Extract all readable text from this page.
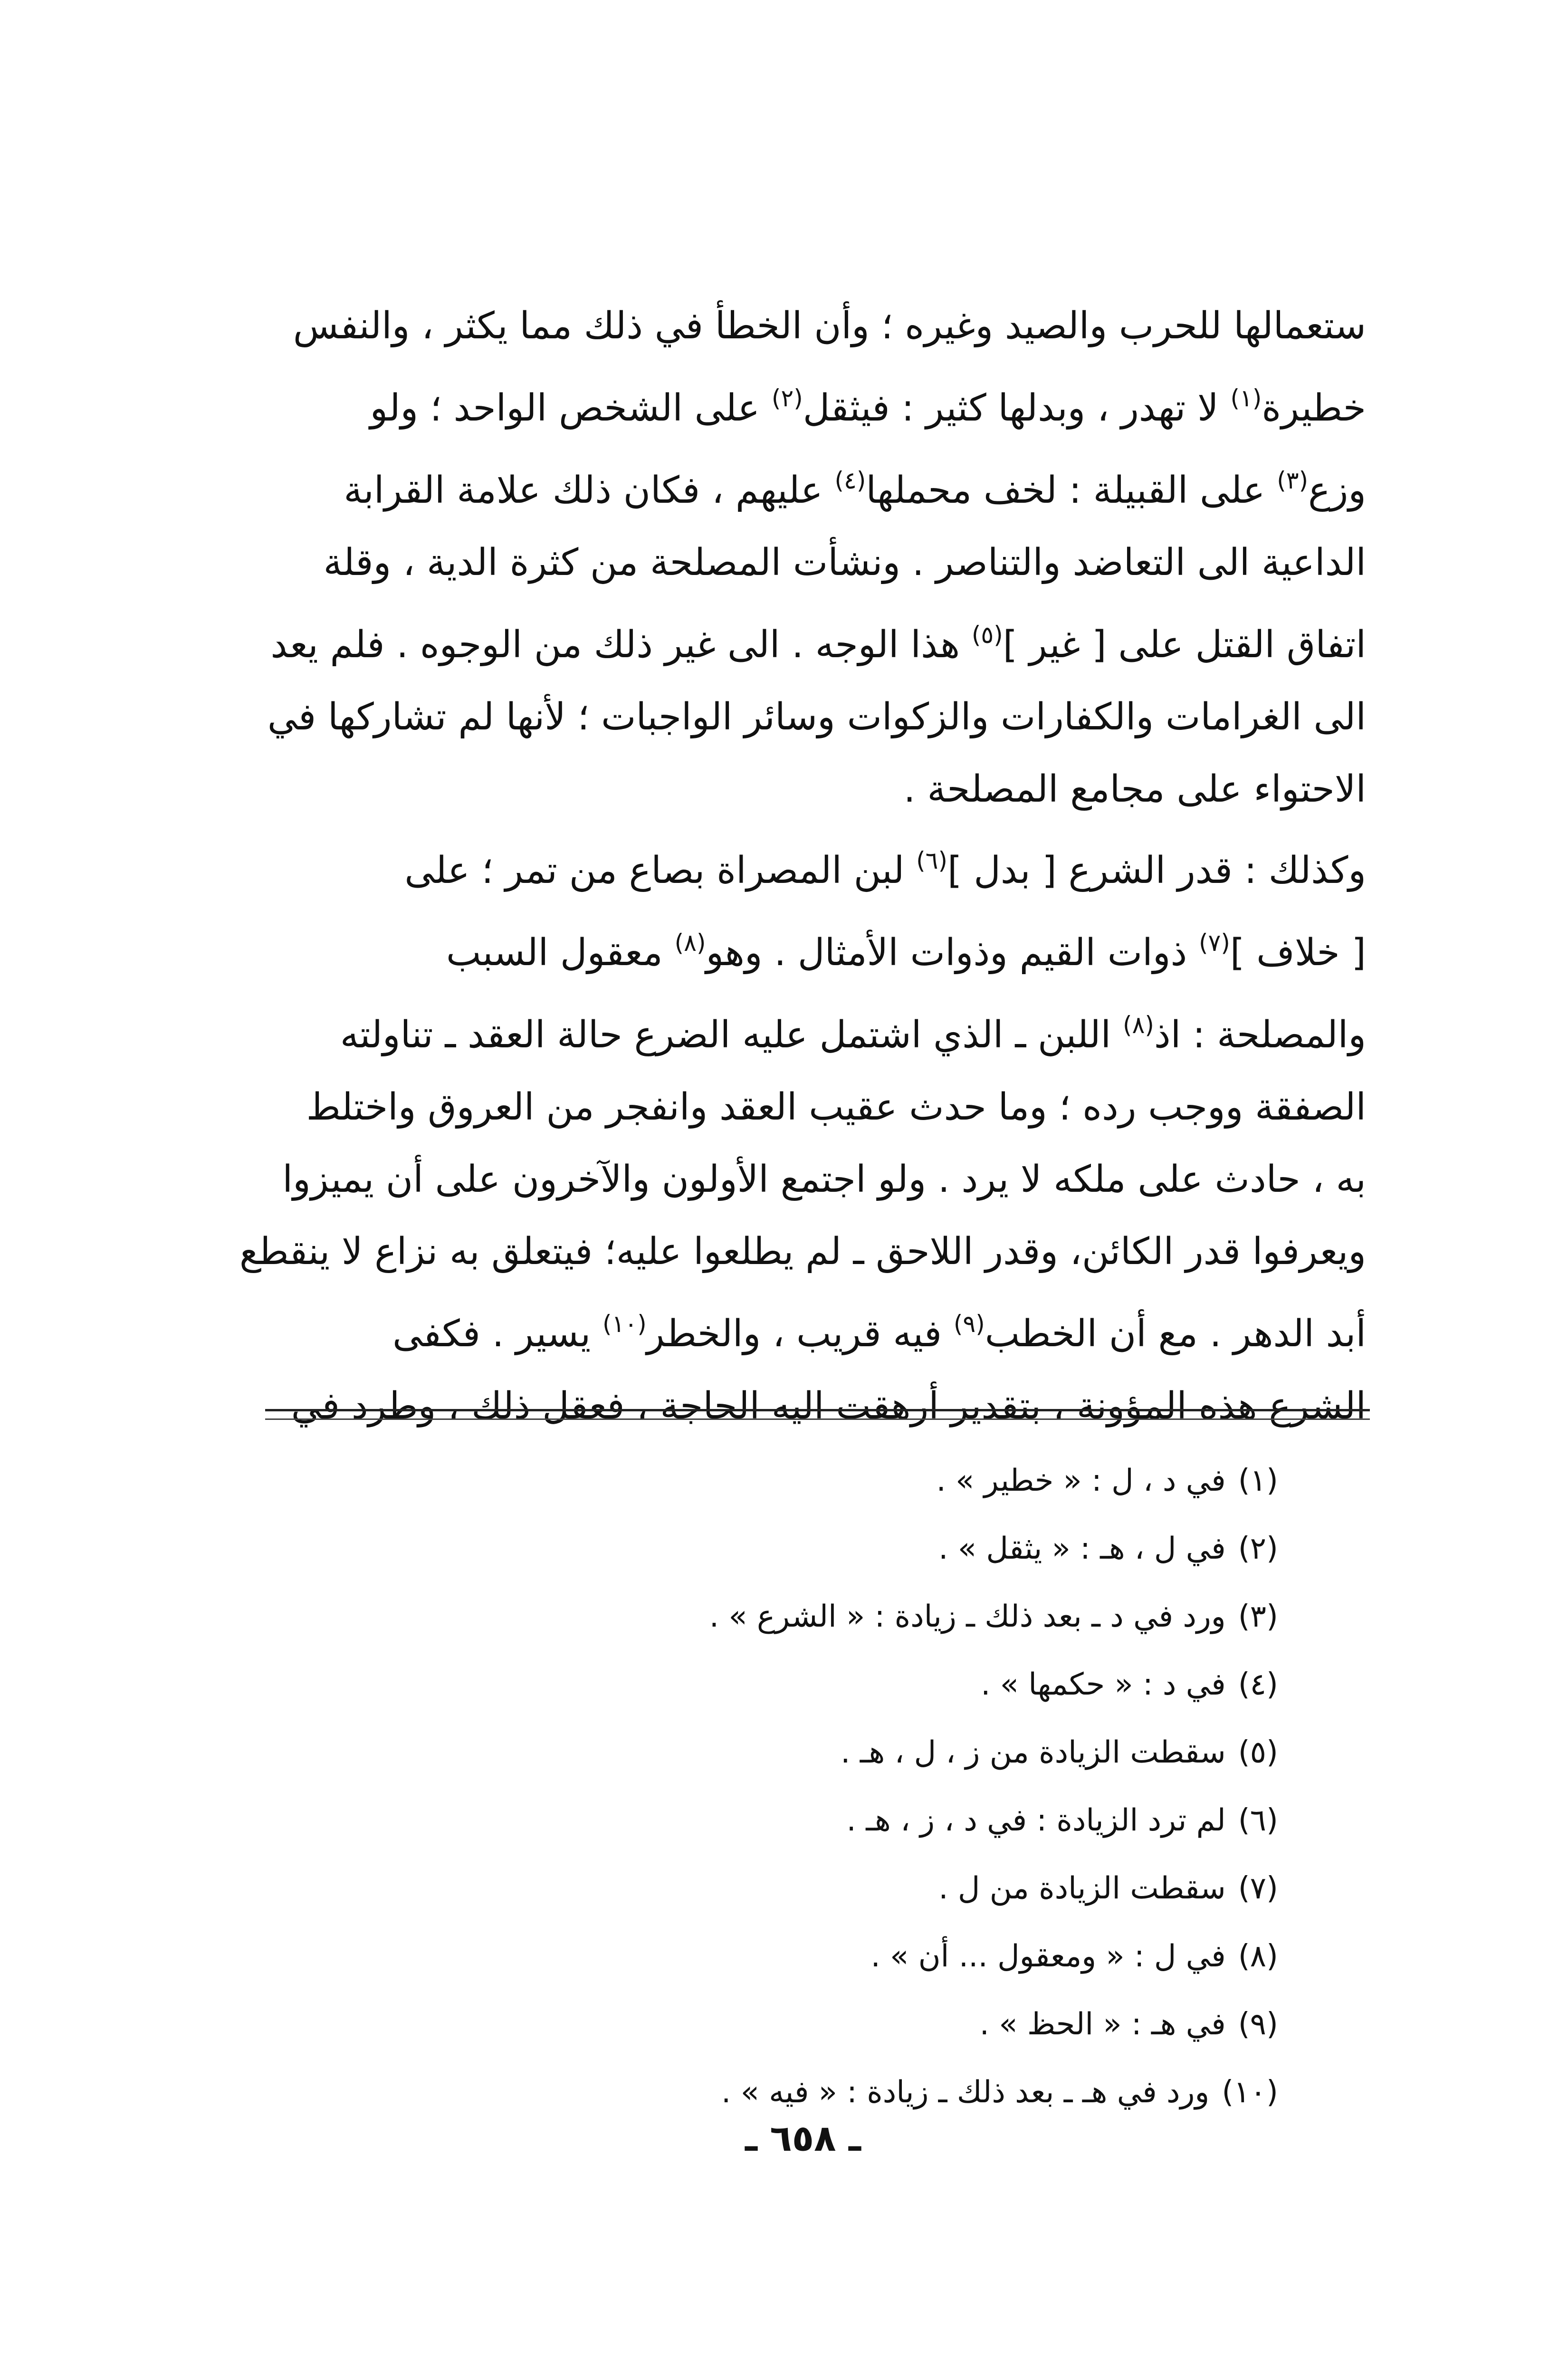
ستعمالها للحرب والصيد وغيره ؛ وأن الخطأ في ذلك مما يكثر ، والنفس
خطيرة$^{(١)}$ لا تهدر ، وبدلها كثير : فيثقل$^{(٢)}$ على الشخص الواحد ؛ ولو
وزع$^{(٣)}$ على القبيلة : لخف محملها$^{(٤)}$ عليهم ، فكان ذلك علامة القرابة
الداعية الى التعاضد والتناصر . ونشأت المصلحة من كثرة الدية ، وقلة
اتفاق القتل على [ غير ]$^{(٥)}$ هذا الوجه . الى غير ذلك من الوجوه . فلم يعد
الى الغرامات والكفارات والزكوات وسائر الواجبات ؛ لأنها لم تشاركها في
الاحتواء على مجامع المصلحة .
وكذلك : قدر الشرع [ بدل ]$^{(٦)}$ لبن المصراة بصاع من تمر ؛ على
[ خلاف ]$^{(٧)}$ ذوات القيم وذوات الأمثال . وهو$^{(٨)}$ معقول السبب
والمصلحة : اذ$^{(٨)}$ اللبن ـ الذي اشتمل عليه الضرع حالة العقد ـ تناولته
الصفقة ووجب رده ؛ وما حدث عقيب العقد وانفجر من العروق واختلط
به ، حادث على ملكه لا يرد . ولو اجتمع الأولون والآخرون على أن يميزوا
ويعرفوا قدر الكائن، وقدر اللاحق ـ لم يطلعوا عليه؛ فيتعلق به نزاع لا ينقطع
أبد الدهر . مع أن الخطب$^{(٩)}$ فيه قريب ، والخطر$^{(١٠)}$ يسير . فكفى
الشرع هذه المؤونة ، بتقدير أرهقت اليه الحاجة ، فعقل ذلك ، وطرد في
(١)في د ، ل : « خطير » .
(٢)في ل ، هـ : « يثقل » .
(٣)ورد في د ـ بعد ذلك ـ زيادة : « الشرع » .
(٤)في د : « حكمها » .
(٥)سقطت الزيادة من ز ، ل ، هـ .
(٦)لم ترد الزيادة : في د ، ز ، هـ .
(٧)سقطت الزيادة من ل .
(٨)في ل : « ومعقول ... أن » .
(٩)في هـ : « الحظ » .
(١٠)ورد في هـ ـ بعد ذلك ـ زيادة : « فيه » .
ـ ٦٥٨ ـ
